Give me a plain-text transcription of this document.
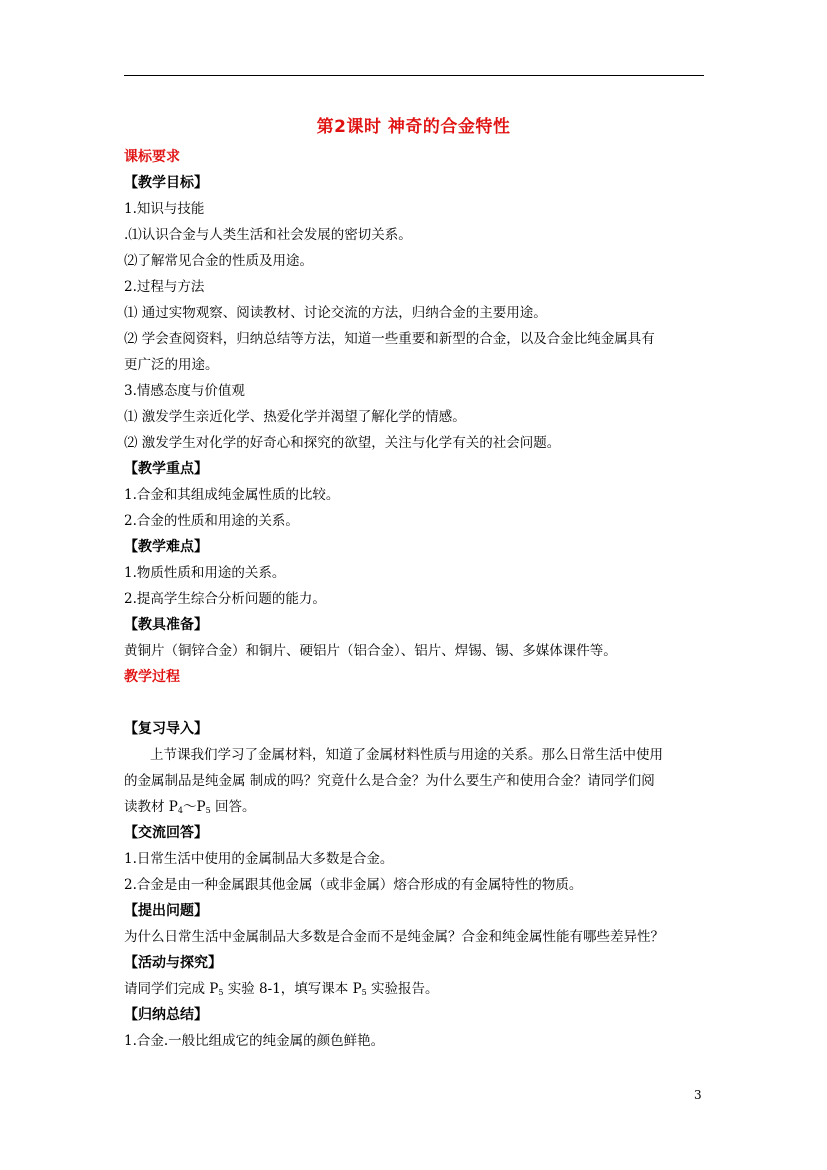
第2课时 神奇的合金特性
课标要求
【教学目标】
1.知识与技能
.⑴认识合金与人类生活和社会发展的密切关系。
⑵了解常见合金的性质及用途。
2.过程与方法
⑴ 通过实物观察、阅读教材、讨论交流的方法，归纳合金的主要用途。
⑵ 学会查阅资料，归纳总结等方法，知道一些重要和新型的合金，以及合金比纯金属具有
更广泛的用途。
3.情感态度与价值观
⑴ 激发学生亲近化学、热爱化学并渴望了解化学的情感。
⑵ 激发学生对化学的好奇心和探究的欲望，关注与化学有关的社会问题。
【教学重点】
1.合金和其组成纯金属性质的比较。
2.合金的性质和用途的关系。
【教学难点】
1.物质性质和用途的关系。
2.提高学生综合分析问题的能力。
【教具准备】
黄铜片（铜锌合金）和铜片、硬铝片（铝合金）、铝片、焊锡、锡、多媒体课件等。
教学过程
【复习导入】
上节课我们学习了金属材料，知道了金属材料性质与用途的关系。那么日常生活中使用
的金属制品是纯金属 制成的吗？究竟什么是合金？为什么要生产和使用合金？请同学们阅
读教材 $P_4\sim P_5$ 回答。
【交流回答】
1.日常生活中使用的金属制品大多数是合金。
2.合金是由一种金属跟其他金属（或非金属）熔合形成的有金属特性的物质。
【提出问题】
为什么日常生活中金属制品大多数是合金而不是纯金属？合金和纯金属性能有哪些差异性？
【活动与探究】
请同学们完成 $P_5$ 实验 8-1，填写课本 $P_5$ 实验报告。
【归纳总结】
1.合金.一般比组成它的纯金属的颜色鲜艳。
3
